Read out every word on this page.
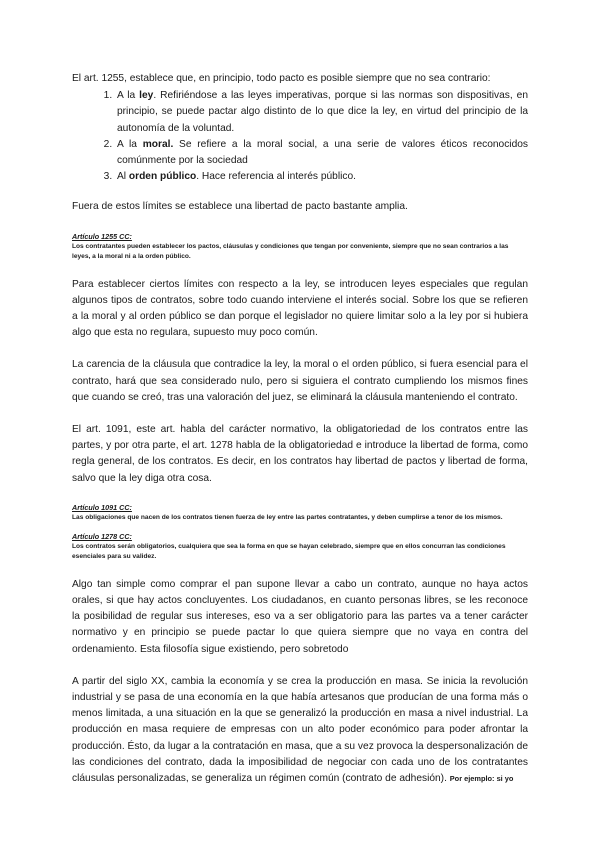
El art. 1255, establece que, en principio, todo pacto es posible siempre que no sea contrario:

1. A la ley. Refiriéndose a las leyes imperativas, porque si las normas son dispositivas, en principio, se puede pactar algo distinto de lo que dice la ley, en virtud del principio de la autonomía de la voluntad.
2. A la moral. Se refiere a la moral social, a una serie de valores éticos reconocidos comúnmente por la sociedad
3. Al orden público. Hace referencia al interés público.

Fuera de estos límites se establece una libertad de pacto bastante amplia.

Artículo 1255 CC:
Los contratantes pueden establecer los pactos, cláusulas y condiciones que tengan por conveniente, siempre que no sean contrarios a las leyes, a la moral ni a la orden público.

Para establecer ciertos límites con respecto a la ley, se introducen leyes especiales que regulan algunos tipos de contratos, sobre todo cuando interviene el interés social. Sobre los que se refieren a la moral y al orden público se dan porque el legislador no quiere limitar solo a la ley por si hubiera algo que esta no regulara, supuesto muy poco común.

La carencia de la cláusula que contradice la ley, la moral o el orden público, si fuera esencial para el contrato, hará que sea considerado nulo, pero si siguiera el contrato cumpliendo los mismos fines que cuando se creó, tras una valoración del juez, se eliminará la cláusula manteniendo el contrato.

El art. 1091, este art. habla del carácter normativo, la obligatoriedad de los contratos entre las partes, y por otra parte, el art. 1278 habla de la obligatoriedad e introduce la libertad de forma, como regla general, de los contratos. Es decir, en los contratos hay libertad de pactos y libertad de forma, salvo que la ley diga otra cosa.

Artículo 1091 CC:
Las obligaciones que nacen de los contratos tienen fuerza de ley entre las partes contratantes, y deben cumplirse a tenor de los mismos.
Artículo 1278 CC:
Los contratos serán obligatorios, cualquiera que sea la forma en que se hayan celebrado, siempre que en ellos concurran las condiciones esenciales para su validez.

Algo tan simple como comprar el pan supone llevar a cabo un contrato, aunque no haya actos orales, si que hay actos concluyentes. Los ciudadanos, en cuanto personas libres, se les reconoce la posibilidad de regular sus intereses, eso va a ser obligatorio para las partes va a tener carácter normativo y en principio se puede pactar lo que quiera siempre que no vaya en contra del ordenamiento. Esta filosofía sigue existiendo, pero sobretodo

A partir del siglo XX, cambia la economía y se crea la producción en masa. Se inicia la revolución industrial y se pasa de una economía en la que había artesanos que producían de una forma más o menos limitada, a una situación en la que se generalizó la producción en masa a nivel industrial. La producción en masa requiere de empresas con un alto poder económico para poder afrontar la producción. Ésto, da lugar a la contratación en masa, que a su vez provoca la despersonalización de las condiciones del contrato, dada la imposibilidad de negociar con cada uno de los contratantes cláusulas personalizadas, se generaliza un régimen común (contrato de adhesión). Por ejemplo: si yo
